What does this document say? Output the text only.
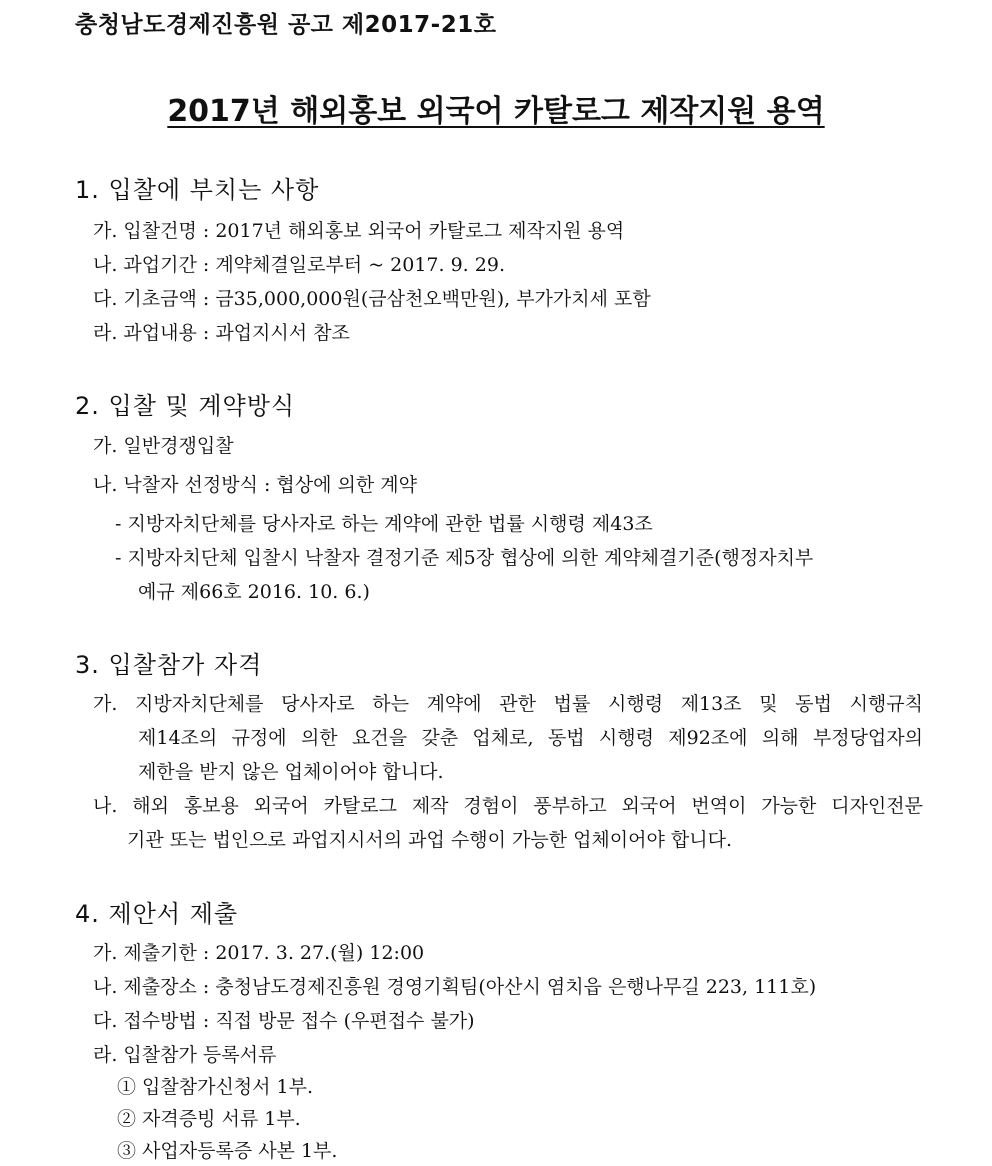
충청남도경제진흥원 공고 제2017-21호
2017년 해외홍보 외국어 카탈로그 제작지원 용역
1. 입찰에 부치는 사항
가. 입찰건명 : 2017년 해외홍보 외국어 카탈로그 제작지원 용역
나. 과업기간 : 계약체결일로부터 ~ 2017. 9. 29.
다. 기초금액 : 금35,000,000원(금삼천오백만원), 부가가치세 포함
라. 과업내용 : 과업지시서 참조
2. 입찰 및 계약방식
가. 일반경쟁입찰
나. 낙찰자 선정방식 : 협상에 의한 계약
- 지방자치단체를 당사자로 하는 계약에 관한 법률 시행령 제43조
- 지방자치단체 입찰시 낙찰자 결정기준 제5장 협상에 의한 계약체결기준(행정자치부
예규 제66호 2016. 10. 6.)
3. 입찰참가 자격
가. 지방자치단체를 당사자로 하는 계약에 관한 법률 시행령 제13조 및 동법 시행규칙
제14조의 규정에 의한 요건을 갖춘 업체로, 동법 시행령 제92조에 의해 부정당업자의
제한을 받지 않은 업체이어야 합니다.
나. 해외 홍보용 외국어 카탈로그 제작 경험이 풍부하고 외국어 번역이 가능한 디자인전문
기관 또는 법인으로 과업지시서의 과업 수행이 가능한 업체이어야 합니다.
4. 제안서 제출
가. 제출기한 : 2017. 3. 27.(월) 12:00
나. 제출장소 : 충청남도경제진흥원 경영기획팀(아산시 염치읍 은행나무길 223, 111호)
다. 접수방법 : 직접 방문 접수 (우편접수 불가)
라. 입찰참가 등록서류
① 입찰참가신청서 1부.
② 자격증빙 서류 1부.
③ 사업자등록증 사본 1부.
